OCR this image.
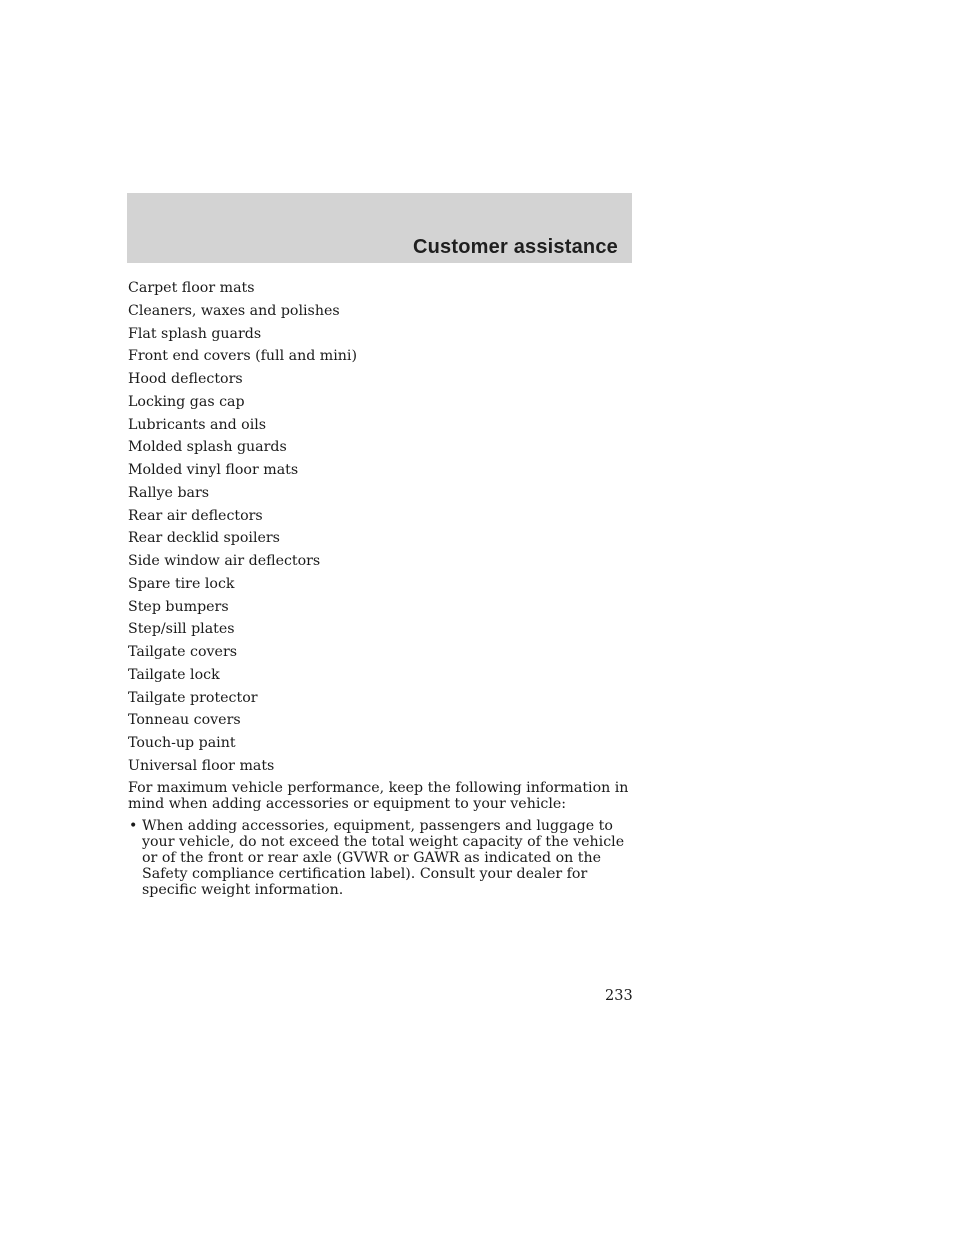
Customer assistance
Carpet floor mats
Cleaners, waxes and polishes
Flat splash guards
Front end covers (full and mini)
Hood deflectors
Locking gas cap
Lubricants and oils
Molded splash guards
Molded vinyl floor mats
Rallye bars
Rear air deflectors
Rear decklid spoilers
Side window air deflectors
Spare tire lock
Step bumpers
Step/sill plates
Tailgate covers
Tailgate lock
Tailgate protector
Tonneau covers
Touch-up paint
Universal floor mats

For maximum vehicle performance, keep the following information in mind when adding accessories or equipment to your vehicle:

• When adding accessories, equipment, passengers and luggage to your vehicle, do not exceed the total weight capacity of the vehicle or of the front or rear axle (GVWR or GAWR as indicated on the Safety compliance certification label). Consult your dealer for specific weight information.
233
